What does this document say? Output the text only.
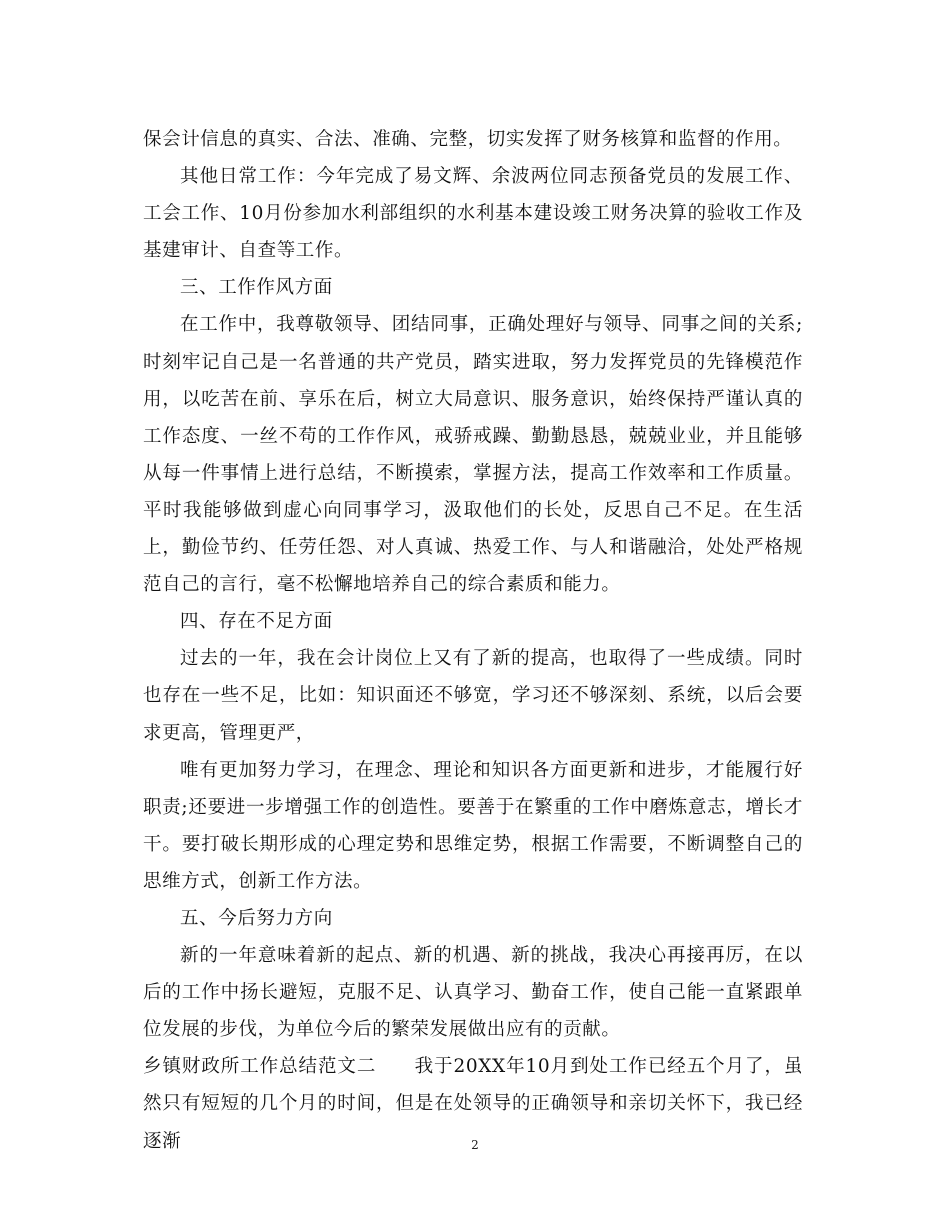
保会计信息的真实、合法、准确、完整，切实发挥了财务核算和监督的作用。

其他日常工作：今年完成了易文辉、余波两位同志预备党员的发展工作、工会工作、10月份参加水利部组织的水利基本建设竣工财务决算的验收工作及基建审计、自查等工作。

三、工作作风方面

在工作中，我尊敬领导、团结同事，正确处理好与领导、同事之间的关系;时刻牢记自己是一名普通的共产党员，踏实进取，努力发挥党员的先锋模范作用，以吃苦在前、享乐在后，树立大局意识、服务意识，始终保持严谨认真的工作态度、一丝不苟的工作作风，戒骄戒躁、勤勤恳恳，兢兢业业，并且能够从每一件事情上进行总结，不断摸索，掌握方法，提高工作效率和工作质量。平时我能够做到虚心向同事学习，汲取他们的长处，反思自己不足。在生活上，勤俭节约、任劳任怨、对人真诚、热爱工作、与人和谐融洽，处处严格规范自己的言行，毫不松懈地培养自己的综合素质和能力。

四、存在不足方面

过去的一年，我在会计岗位上又有了新的提高，也取得了一些成绩。同时也存在一些不足，比如：知识面还不够宽，学习还不够深刻、系统，以后会要求更高，管理更严，

唯有更加努力学习，在理念、理论和知识各方面更新和进步，才能履行好职责;还要进一步增强工作的创造性。要善于在繁重的工作中磨炼意志，增长才干。要打破长期形成的心理定势和思维定势，根据工作需要，不断调整自己的思维方式，创新工作方法。

五、今后努力方向

新的一年意味着新的起点、新的机遇、新的挑战，我决心再接再厉，在以后的工作中扬长避短，克服不足、认真学习、勤奋工作，使自己能一直紧跟单位发展的步伐，为单位今后的繁荣发展做出应有的贡献。

乡镇财政所工作总结范文二 我于20XX年10月到处工作已经五个月了，虽然只有短短的几个月的时间，但是在处领导的正确领导和亲切关怀下，我已经逐渐	2
